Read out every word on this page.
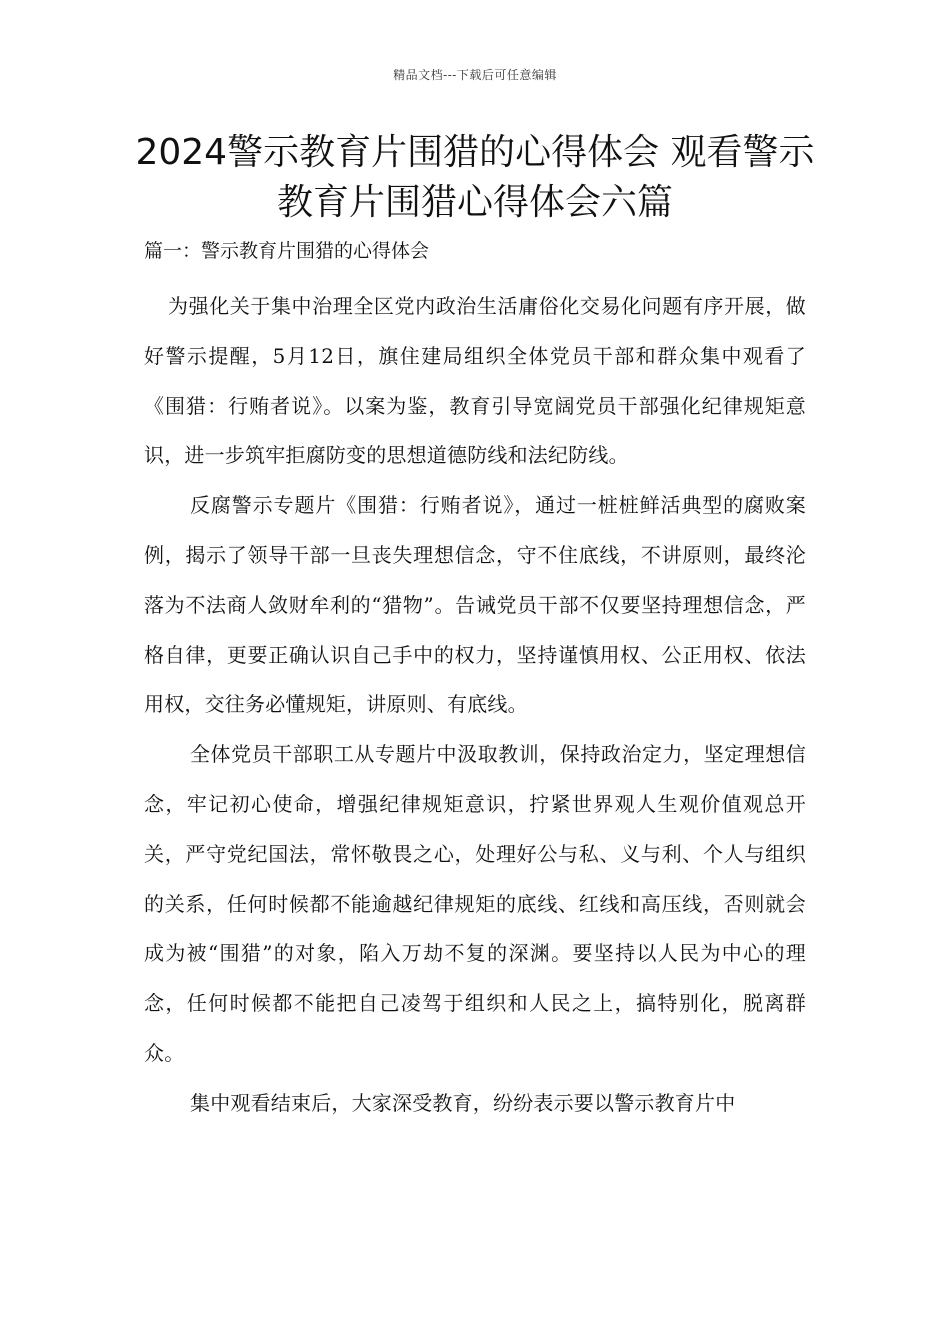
精品文档---下载后可任意编辑
2024警示教育片围猎的心得体会 观看警示教育片围猎心得体会六篇
篇一：警示教育片围猎的心得体会

为强化关于集中治理全区党内政治生活庸俗化交易化问题有序开展，做好警示提醒，5月12日，旗住建局组织全体党员干部和群众集中观看了《围猎：行贿者说》。以案为鉴，教育引导宽阔党员干部强化纪律规矩意识，进一步筑牢拒腐防变的思想道德防线和法纪防线。

反腐警示专题片《围猎：行贿者说》，通过一桩桩鲜活典型的腐败案例，揭示了领导干部一旦丧失理想信念，守不住底线，不讲原则，最终沦落为不法商人敛财牟利的“猎物”。告诫党员干部不仅要坚持理想信念，严格自律，更要正确认识自己手中的权力，坚持谨慎用权、公正用权、依法用权，交往务必懂规矩，讲原则、有底线。

全体党员干部职工从专题片中汲取教训，保持政治定力，坚定理想信念，牢记初心使命，增强纪律规矩意识，拧紧世界观人生观价值观总开关，严守党纪国法，常怀敬畏之心，处理好公与私、义与利、个人与组织的关系，任何时候都不能逾越纪律规矩的底线、红线和高压线，否则就会成为被“围猎”的对象，陷入万劫不复的深渊。要坚持以人民为中心的理念，任何时候都不能把自己凌驾于组织和人民之上，搞特别化，脱离群众。

集中观看结束后，大家深受教育，纷纷表示要以警示教育片中
